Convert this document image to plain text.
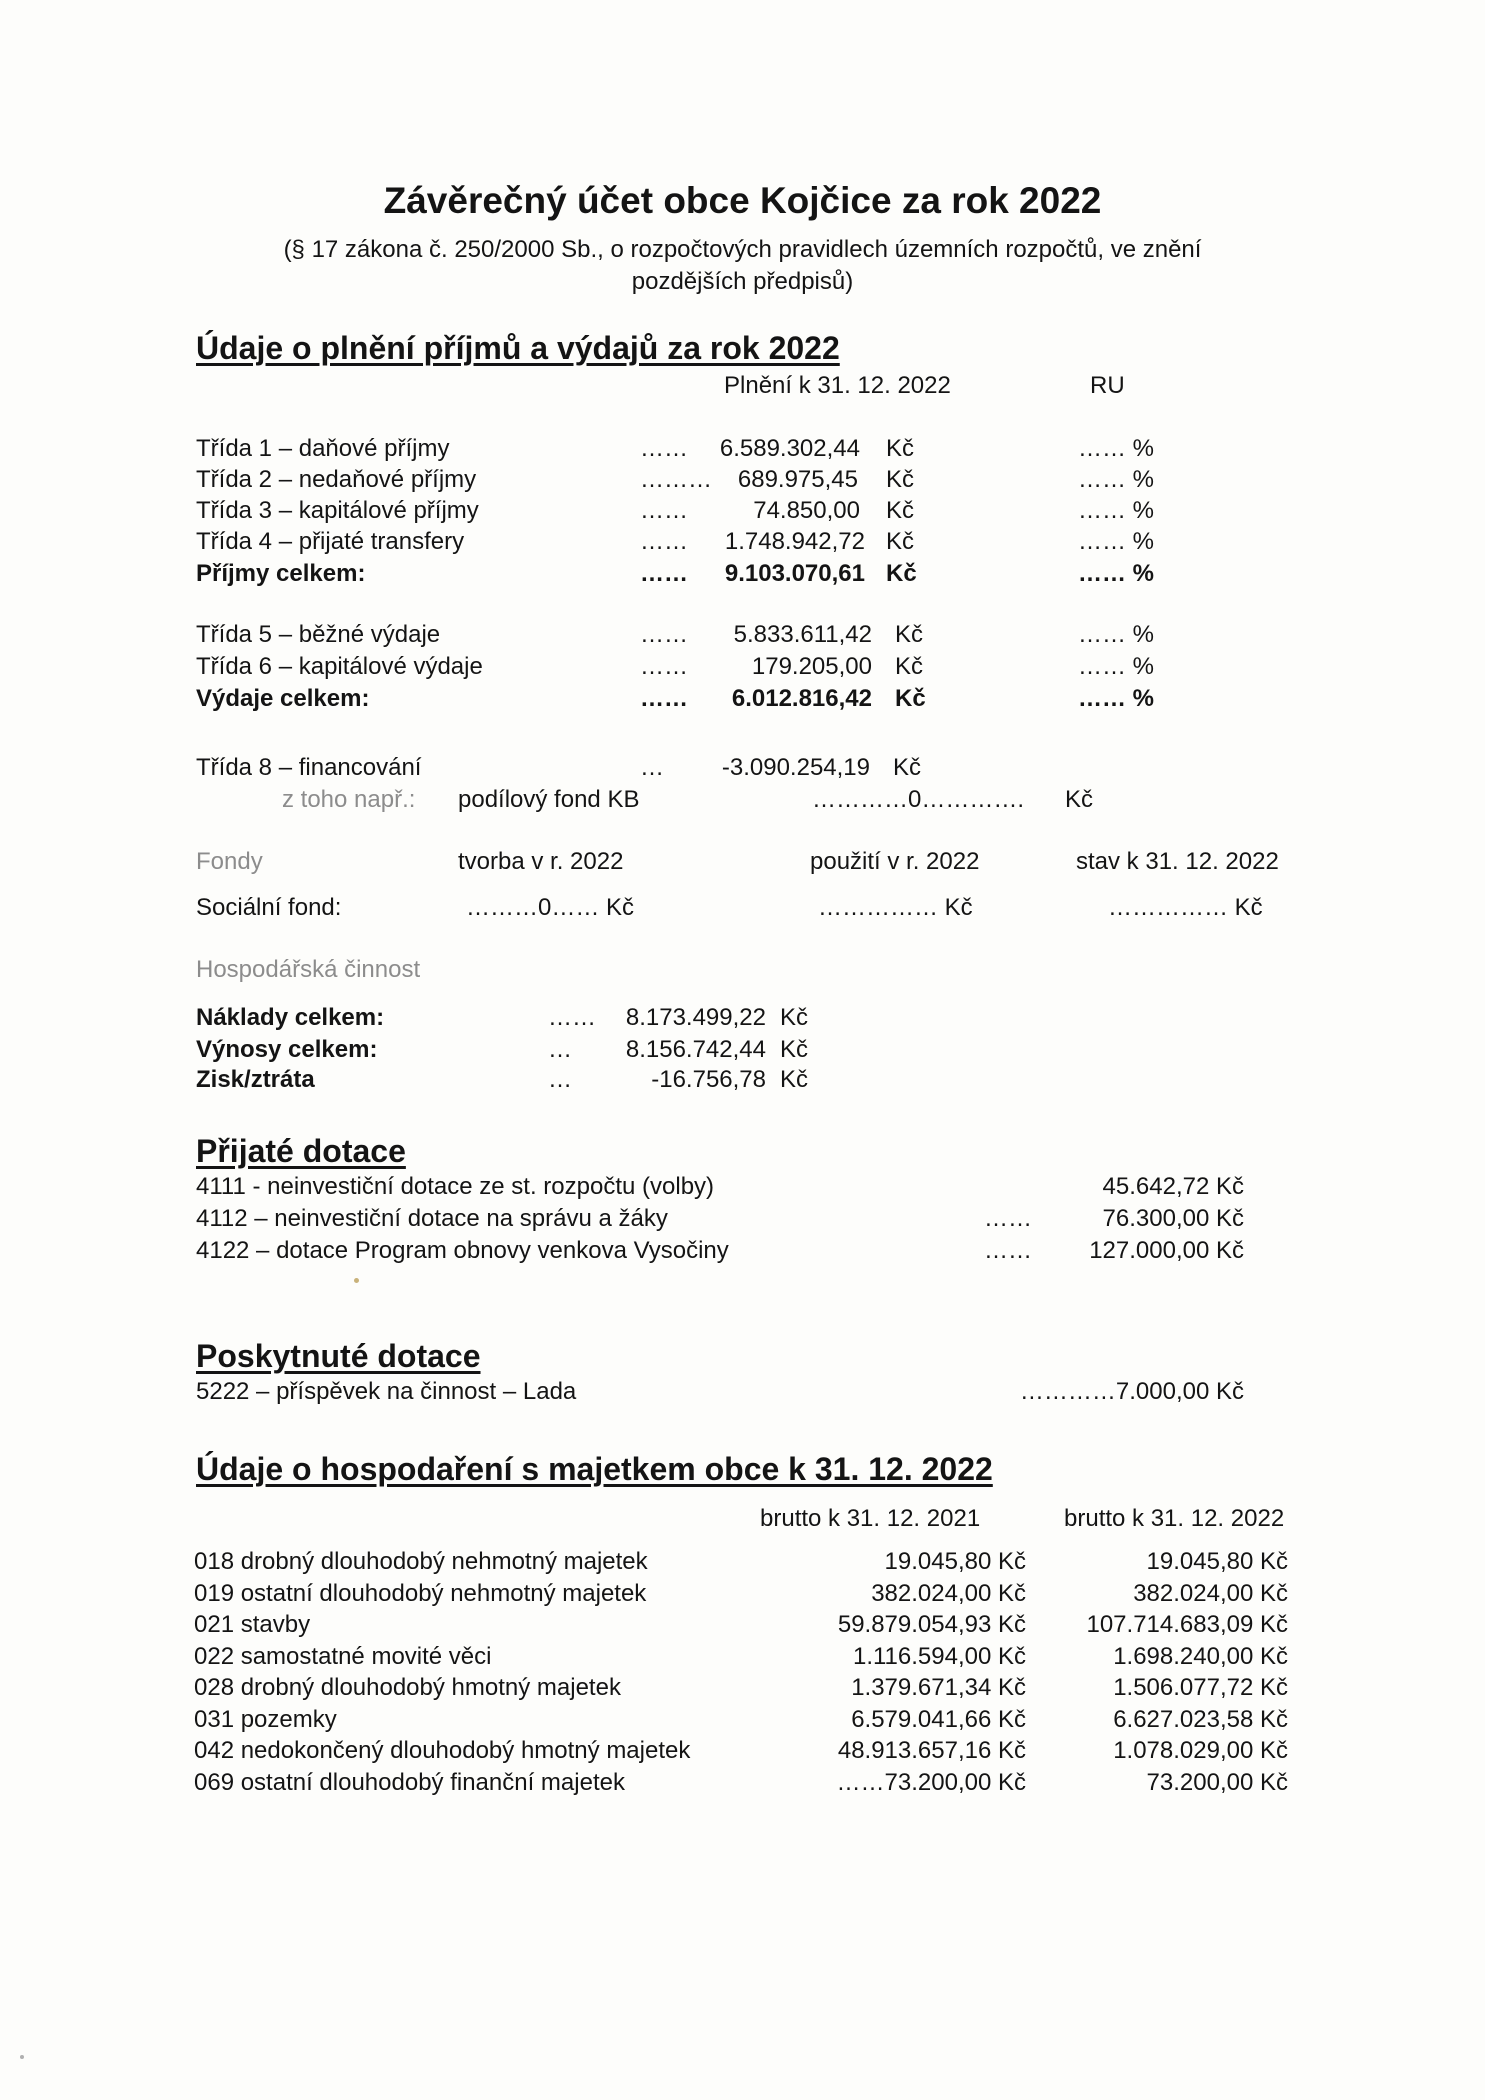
Závěrečný účet obce Kojčice za rok 2022
(§ 17 zákona č. 250/2000 Sb., o rozpočtových pravidlech územních rozpočtů, ve znění
pozdějších předpisů)
Údaje o plnění příjmů a výdajů za rok 2022
Plnění k 31. 12. 2022	RU
Třída 1 – daňové příjmy	……	6.589.302,44 Kč	…… %
Třída 2 – nedaňové příjmy	………	689.975,45 Kč	…… %
Třída 3 – kapitálové příjmy	……	74.850,00 Kč	…… %
Třída 4 – přijaté transfery	……	1.748.942,72 Kč	…… %
Příjmy celkem:	……	9.103.070,61 Kč	…… %
Třída 5 – běžné výdaje	……	5.833.611,42 Kč	…… %
Třída 6 – kapitálové výdaje	……	179.205,00 Kč	…… %
Výdaje celkem:	……	6.012.816,42 Kč	…… %
Třída 8 – financování	…	-3.090.254,19 Kč
z toho např.: podílový fond KB	…………0…………. Kč
Fondy	tvorba v r. 2022	použití v r. 2022	stav k 31. 12. 2022
Sociální fond:	………0…… Kč	…………… Kč	…………… Kč
Hospodářská činnost
Náklady celkem:	……	8.173.499,22 Kč
Výnosy celkem:	…	8.156.742,44 Kč
Zisk/ztráta	…	-16.756,78 Kč
Přijaté dotace
4111 - neinvestiční dotace ze st. rozpočtu (volby)	45.642,72 Kč
4112 – neinvestiční dotace na správu a žáky	……	76.300,00 Kč
4122 – dotace Program obnovy venkova Vysočiny	……	127.000,00 Kč
Poskytnuté dotace
5222 – příspěvek na činnost – Lada	…………7.000,00 Kč
Údaje o hospodaření s majetkem obce k 31. 12. 2022
brutto k 31. 12. 2021	brutto k 31. 12. 2022
018 drobný dlouhodobý nehmotný majetek	19.045,80 Kč	19.045,80 Kč
019 ostatní dlouhodobý nehmotný majetek	382.024,00 Kč	382.024,00 Kč
021 stavby	59.879.054,93 Kč	107.714.683,09 Kč
022 samostatné movité věci	1.116.594,00 Kč	1.698.240,00 Kč
028 drobný dlouhodobý hmotný majetek	1.379.671,34 Kč	1.506.077,72 Kč
031 pozemky	6.579.041,66 Kč	6.627.023,58 Kč
042 nedokončený dlouhodobý hmotný majetek	48.913.657,16 Kč	1.078.029,00 Kč
069 ostatní dlouhodobý finanční majetek	……73.200,00 Kč	73.200,00 Kč
